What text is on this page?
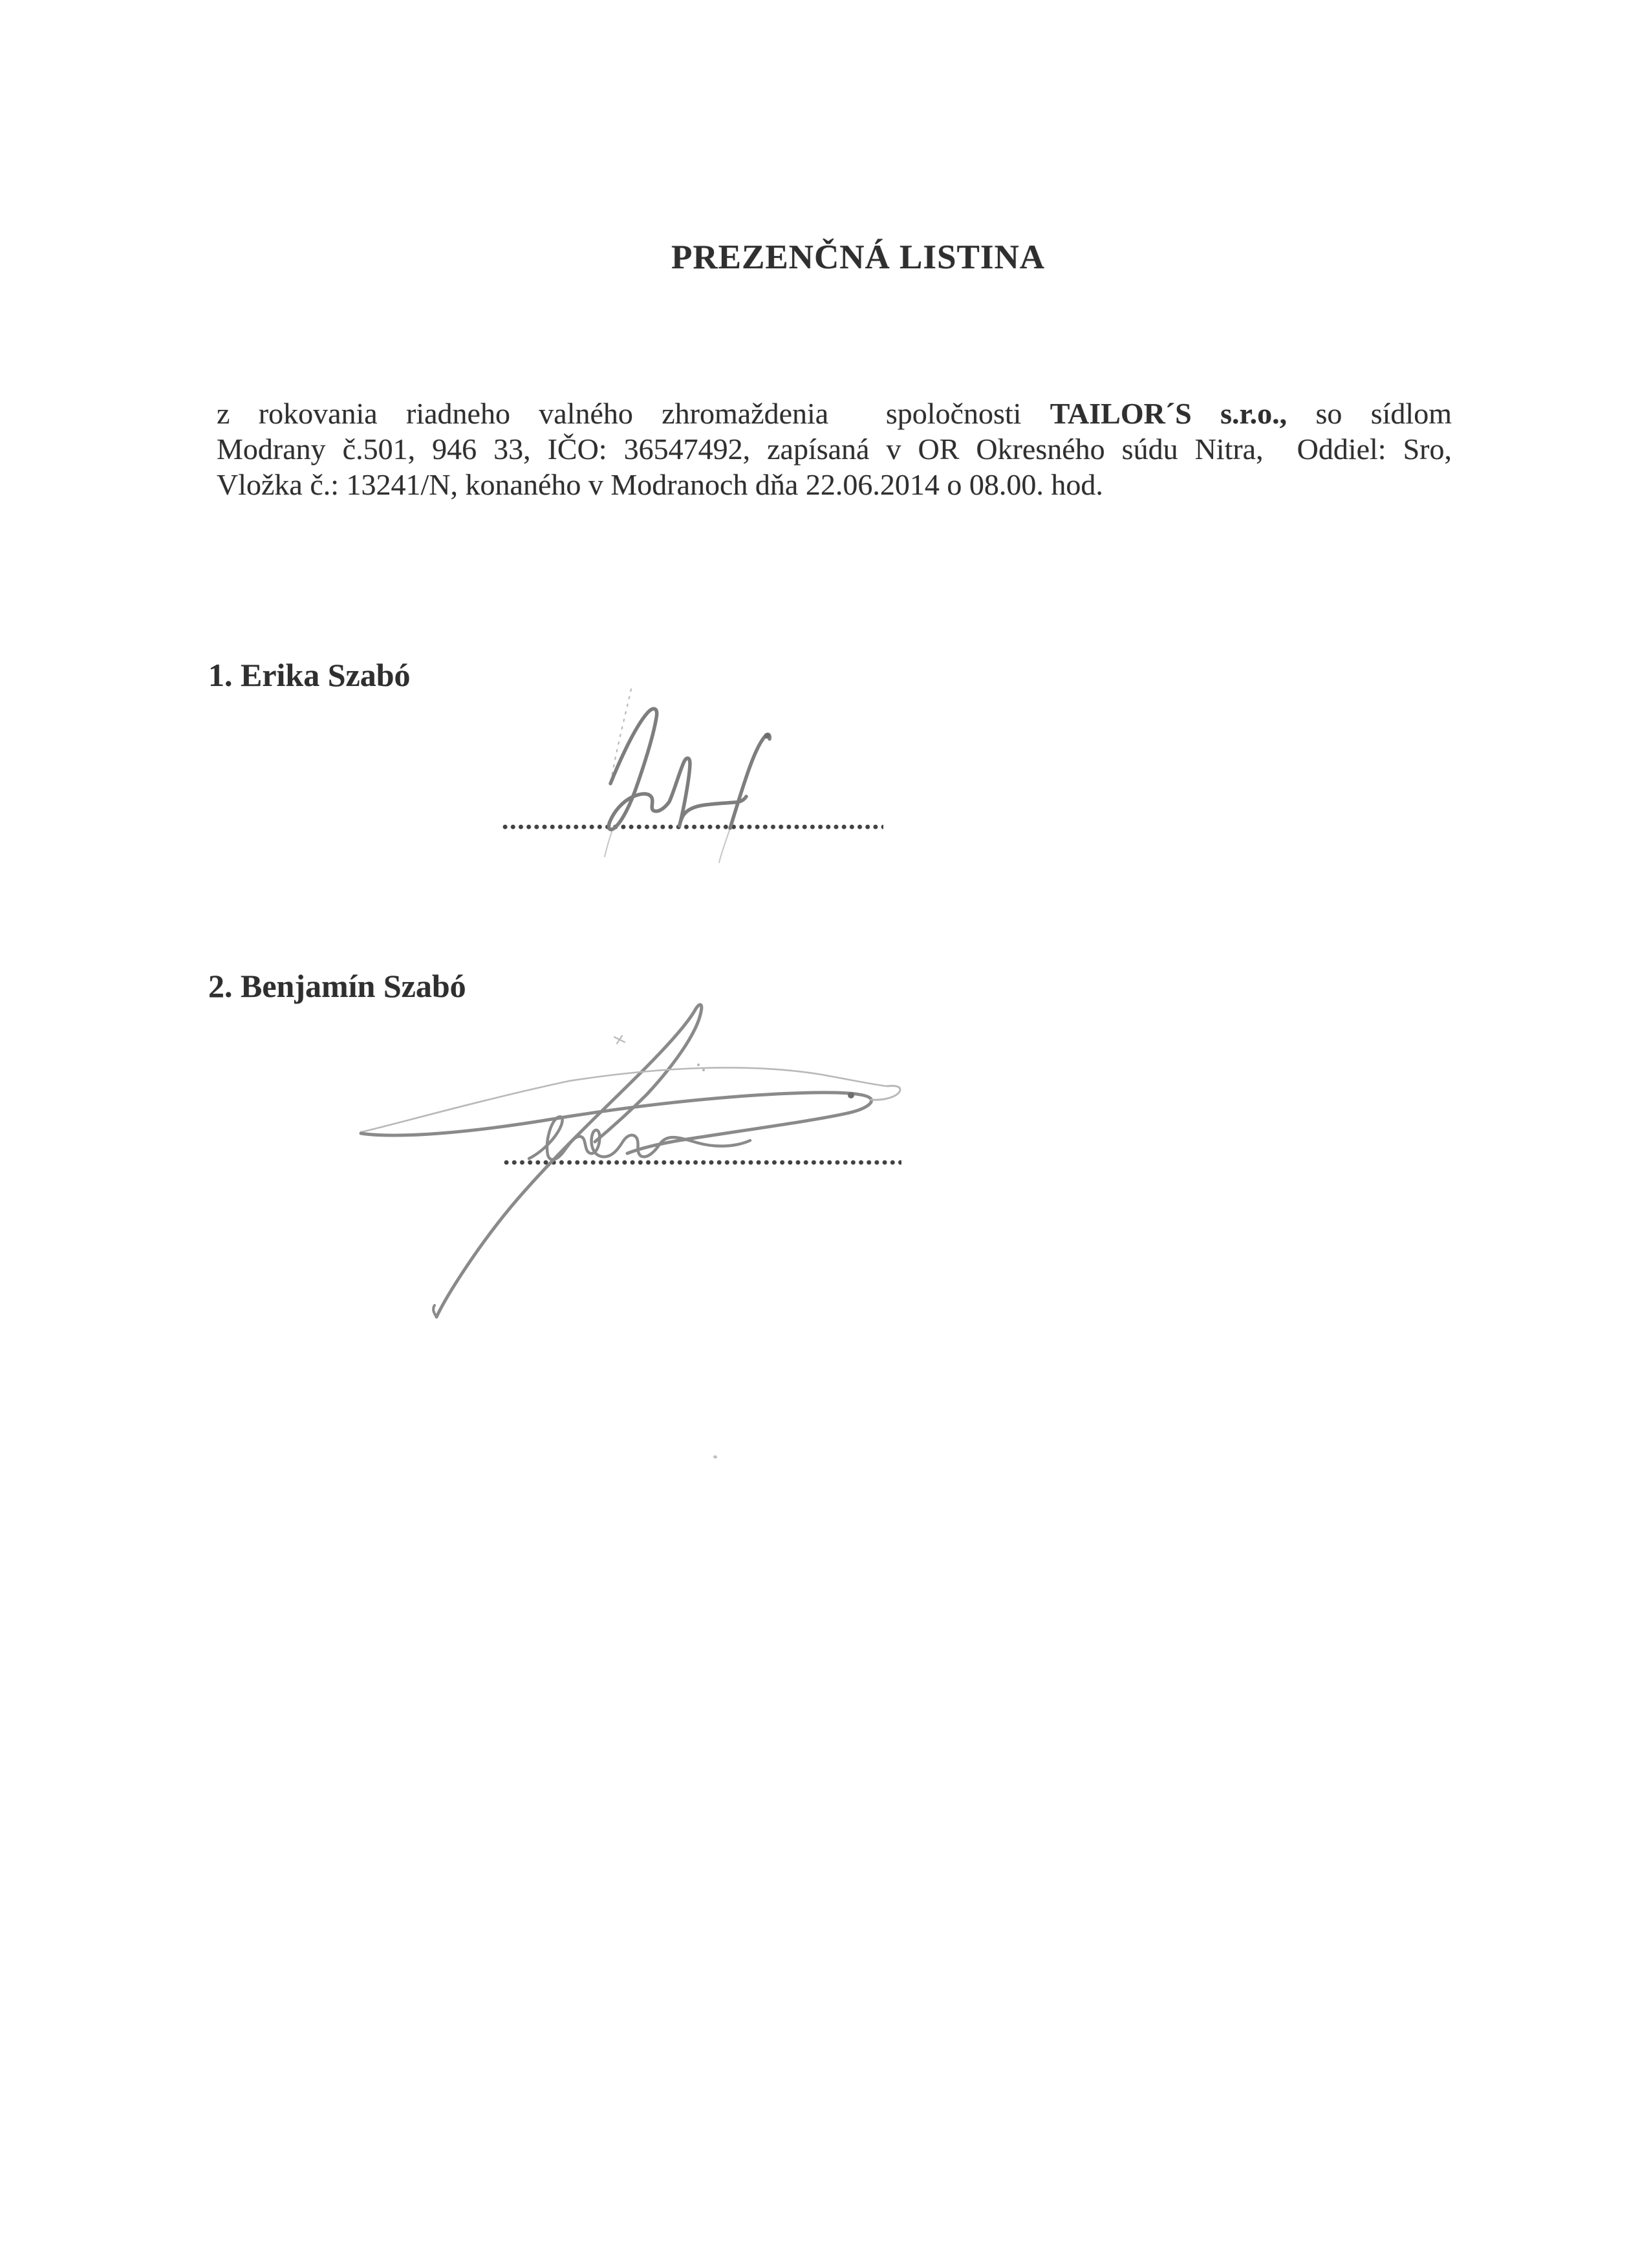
PREZENČNÁ LISTINA
z rokovania riadneho valného zhromaždenia  spoločnosti TAILOR´S s.r.o., so sídlom
Modrany č.501, 946 33, IČO: 36547492, zapísaná v OR Okresného súdu Nitra,  Oddiel: Sro,
Vložka č.: 13241/N, konaného v Modranoch dňa 22.06.2014 o 08.00. hod.
1. Erika Szabó
2. Benjamín Szabó
